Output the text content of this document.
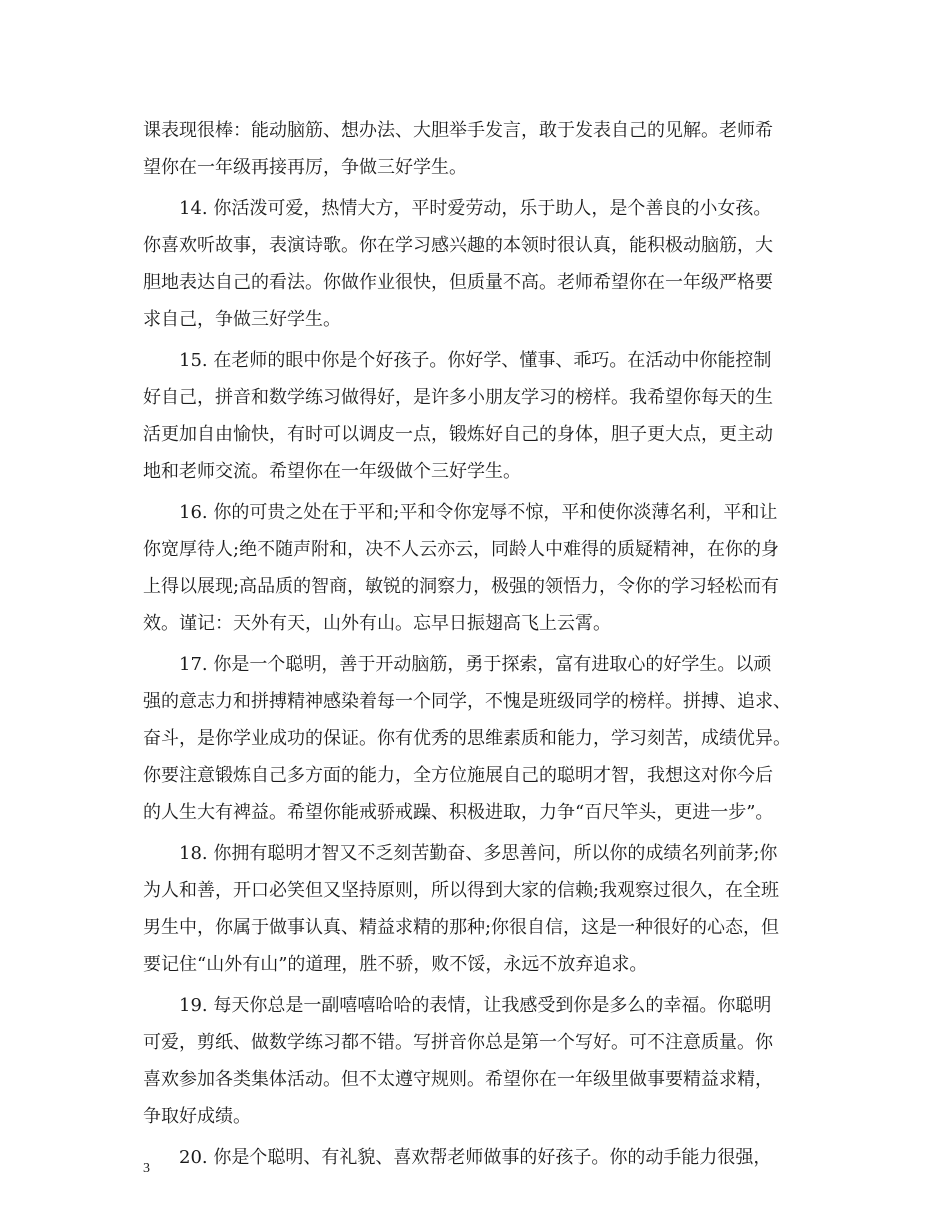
课表现很棒：能动脑筋、想办法、大胆举手发言，敢于发表自己的见解。老师希
望你在一年级再接再厉，争做三好学生。
14. 你活泼可爱，热情大方，平时爱劳动，乐于助人，是个善良的小女孩。
你喜欢听故事，表演诗歌。你在学习感兴趣的本领时很认真，能积极动脑筋，大
胆地表达自己的看法。你做作业很快，但质量不高。老师希望你在一年级严格要
求自己，争做三好学生。
15. 在老师的眼中你是个好孩子。你好学、懂事、乖巧。在活动中你能控制
好自己，拼音和数学练习做得好，是许多小朋友学习的榜样。我希望你每天的生
活更加自由愉快，有时可以调皮一点，锻炼好自己的身体，胆子更大点，更主动
地和老师交流。希望你在一年级做个三好学生。
16. 你的可贵之处在于平和;平和令你宠辱不惊，平和使你淡薄名利，平和让
你宽厚待人;绝不随声附和，决不人云亦云，同龄人中难得的质疑精神，在你的身
上得以展现;高品质的智商，敏锐的洞察力，极强的领悟力，令你的学习轻松而有
效。谨记：天外有天，山外有山。忘早日振翅高飞上云霄。
17. 你是一个聪明，善于开动脑筋，勇于探索，富有进取心的好学生。以顽
强的意志力和拼搏精神感染着每一个同学，不愧是班级同学的榜样。拼搏、追求、
奋斗，是你学业成功的保证。你有优秀的思维素质和能力，学习刻苦，成绩优异。
你要注意锻炼自己多方面的能力，全方位施展自己的聪明才智，我想这对你今后
的人生大有裨益。希望你能戒骄戒躁、积极进取，力争“百尺竿头，更进一步”。
18. 你拥有聪明才智又不乏刻苦勤奋、多思善问，所以你的成绩名列前茅;你
为人和善，开口必笑但又坚持原则，所以得到大家的信赖;我观察过很久，在全班
男生中，你属于做事认真、精益求精的那种;你很自信，这是一种很好的心态，但
要记住“山外有山”的道理，胜不骄，败不馁，永远不放弃追求。
19. 每天你总是一副嘻嘻哈哈的表情，让我感受到你是多么的幸福。你聪明
可爱，剪纸、做数学练习都不错。写拼音你总是第一个写好。可不注意质量。你
喜欢参加各类集体活动。但不太遵守规则。希望你在一年级里做事要精益求精，
争取好成绩。
20. 你是个聪明、有礼貌、喜欢帮老师做事的好孩子。你的动手能力很强，
3
